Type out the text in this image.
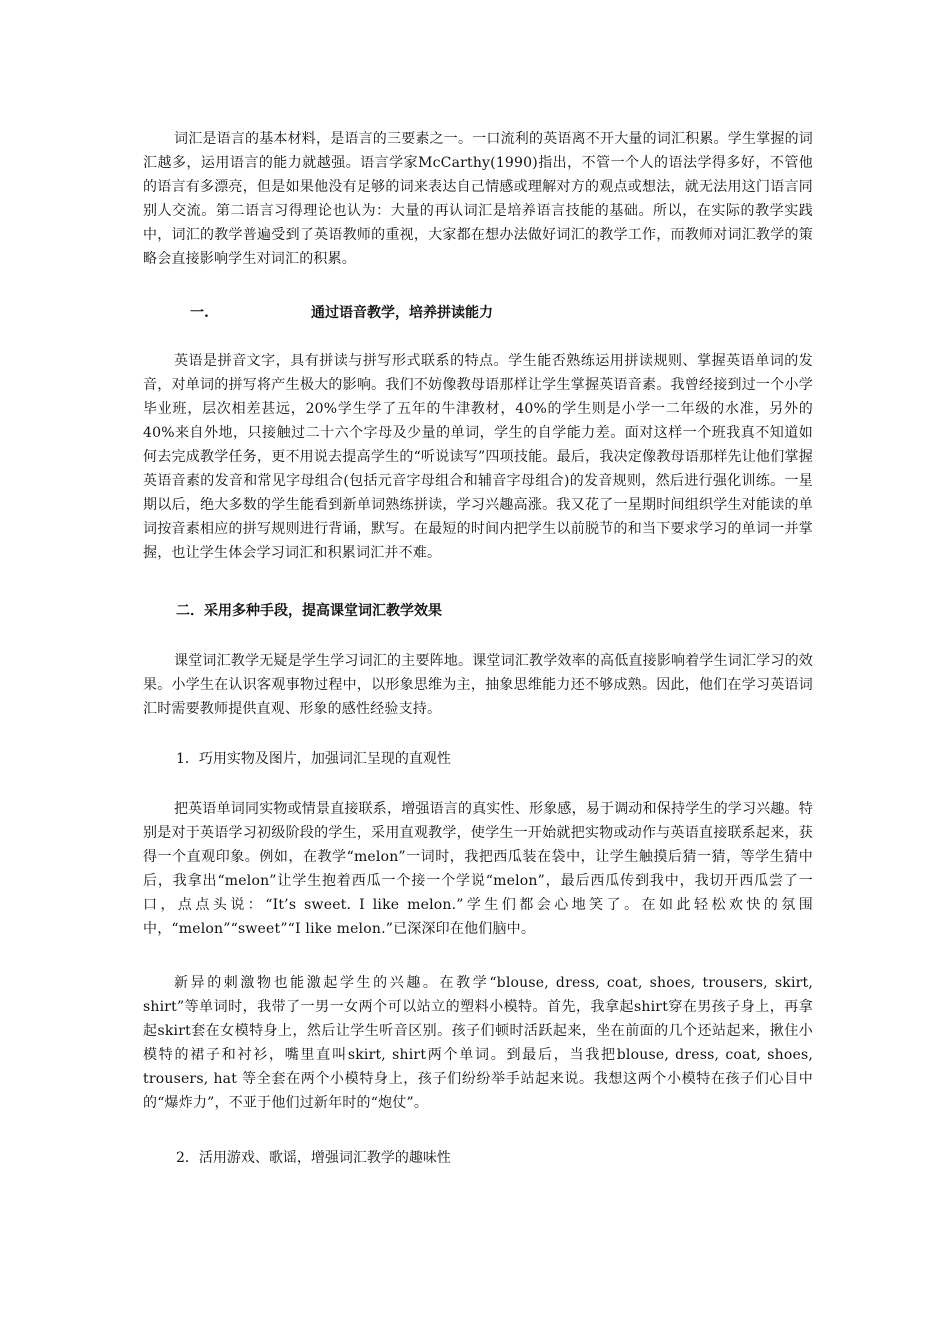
词汇是语言的基本材料，是语言的三要素之一。一口流利的英语离不开大量的词汇积累。学生掌握的词汇越多，运用语言的能力就越强。语言学家McCarthy(1990)指出，不管一个人的语法学得多好，不管他的语言有多漂亮，但是如果他没有足够的词来表达自己情感或理解对方的观点或想法，就无法用这门语言同别人交流。第二语言习得理论也认为：大量的再认词汇是培养语言技能的基础。所以，在实际的教学实践中，词汇的教学普遍受到了英语教师的重视，大家都在想办法做好词汇的教学工作，而教师对词汇教学的策略会直接影响学生对词汇的积累。

一.	通过语音教学，培养拼读能力

英语是拼音文字，具有拼读与拼写形式联系的特点。学生能否熟练运用拼读规则、掌握英语单词的发音，对单词的拼写将产生极大的影响。我们不妨像教母语那样让学生掌握英语音素。我曾经接到过一个小学毕业班，层次相差甚远，20%学生学了五年的牛津教材，40%的学生则是小学一二年级的水准，另外的40%来自外地，只接触过二十六个字母及少量的单词，学生的自学能力差。面对这样一个班我真不知道如何去完成教学任务，更不用说去提高学生的“听说读写”四项技能。最后，我决定像教母语那样先让他们掌握英语音素的发音和常见字母组合(包括元音字母组合和辅音字母组合)的发音规则，然后进行强化训练。一星期以后，绝大多数的学生能看到新单词熟练拼读，学习兴趣高涨。我又花了一星期时间组织学生对能读的单词按音素相应的拼写规则进行背诵，默写。在最短的时间内把学生以前脱节的和当下要求学习的单词一并掌握，也让学生体会学习词汇和积累词汇并不难。

二．采用多种手段，提高课堂词汇教学效果

课堂词汇教学无疑是学生学习词汇的主要阵地。课堂词汇教学效率的高低直接影响着学生词汇学习的效果。小学生在认识客观事物过程中，以形象思维为主，抽象思维能力还不够成熟。因此，他们在学习英语词汇时需要教师提供直观、形象的感性经验支持。

1．巧用实物及图片，加强词汇呈现的直观性

把英语单词同实物或情景直接联系，增强语言的真实性、形象感，易于调动和保持学生的学习兴趣。特别是对于英语学习初级阶段的学生，采用直观教学，使学生一开始就把实物或动作与英语直接联系起来，获得一个直观印象。例如，在教学“melon”一词时，我把西瓜装在袋中，让学生触摸后猜一猜，等学生猜中后，我拿出“melon”让学生抱着西瓜一个接一个学说“melon”，最后西瓜传到我中，我切开西瓜尝了一口，点点头说：“It’s sweet. I like melon.”学生们都会心地笑了。在如此轻松欢快的氛围中，“melon”“sweet”“I like melon.”已深深印在他们脑中。

新异的刺激物也能激起学生的兴趣。在教学“blouse, dress, coat, shoes, trousers, skirt, shirt”等单词时，我带了一男一女两个可以站立的塑料小模特。首先，我拿起shirt穿在男孩子身上，再拿起skirt套在女模特身上，然后让学生听音区别。孩子们顿时活跃起来，坐在前面的几个还站起来，揪住小模特的裙子和衬衫，嘴里直叫skirt, shirt两个单词。到最后，当我把blouse, dress, coat, shoes, trousers, hat 等全套在两个小模特身上，孩子们纷纷举手站起来说。我想这两个小模特在孩子们心目中的“爆炸力”，不亚于他们过新年时的“炮仗”。

2．活用游戏、歌谣，增强词汇教学的趣味性
